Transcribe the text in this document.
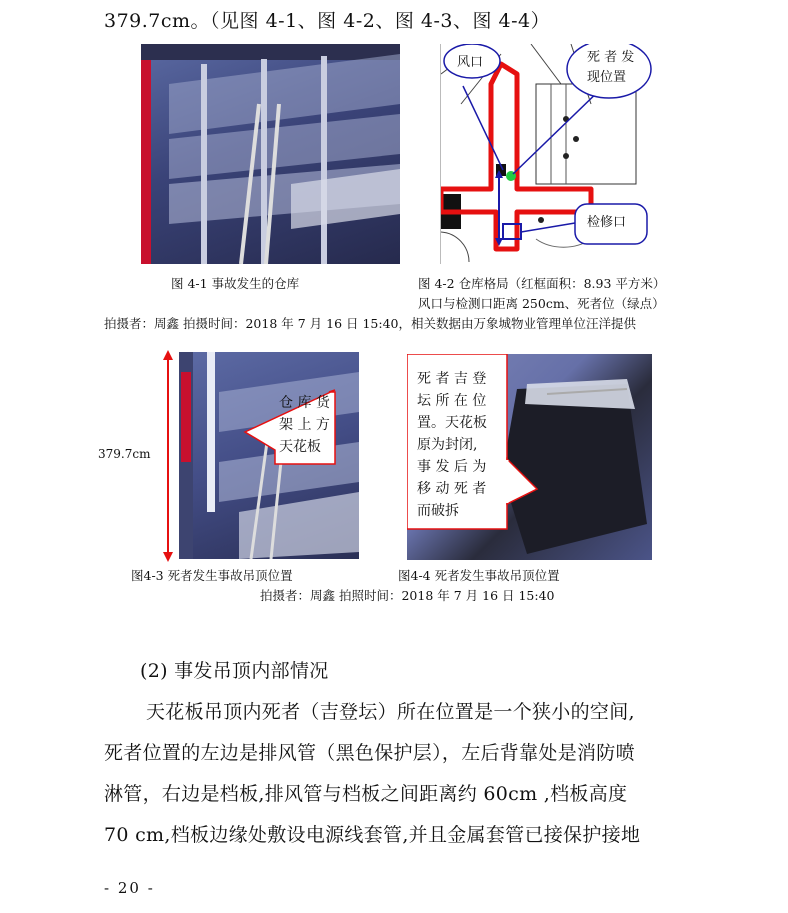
379.7cm。（见图 4-1、图 4-2、图 4-3、图 4-4）
风口	死 者 发
现位置
检修口
图 4-1 事故发生的仓库	图 4-2 仓库格局（红框面积：8.93 平方米）
风口与检测口距离 250cm、死者位（绿点）
拍摄者：周鑫 拍摄时间：2018 年 7 月 16 日 15:40，相关数据由万象城物业管理单位汪洋提供
379.7cm
仓 库 货
架 上 方
天花板
死 者 吉 登
坛 所 在 位
置。天花板
原为封闭,
事 发 后 为
移 动 死 者
而破拆
图4-3 死者发生事故吊顶位置	图4-4 死者发生事故吊顶位置
拍摄者：周鑫 拍照时间：2018 年 7 月 16 日 15:40
(2) 事发吊顶内部情况
天花板吊顶内死者（吉登坛）所在位置是一个狭小的空间,
死者位置的左边是排风管（黑色保护层），左后背靠处是消防喷
淋管，右边是档板,排风管与档板之间距离约 60cm ,档板高度
70 cm,档板边缘处敷设电源线套管,并且金属套管已接保护接地
- 20 -
